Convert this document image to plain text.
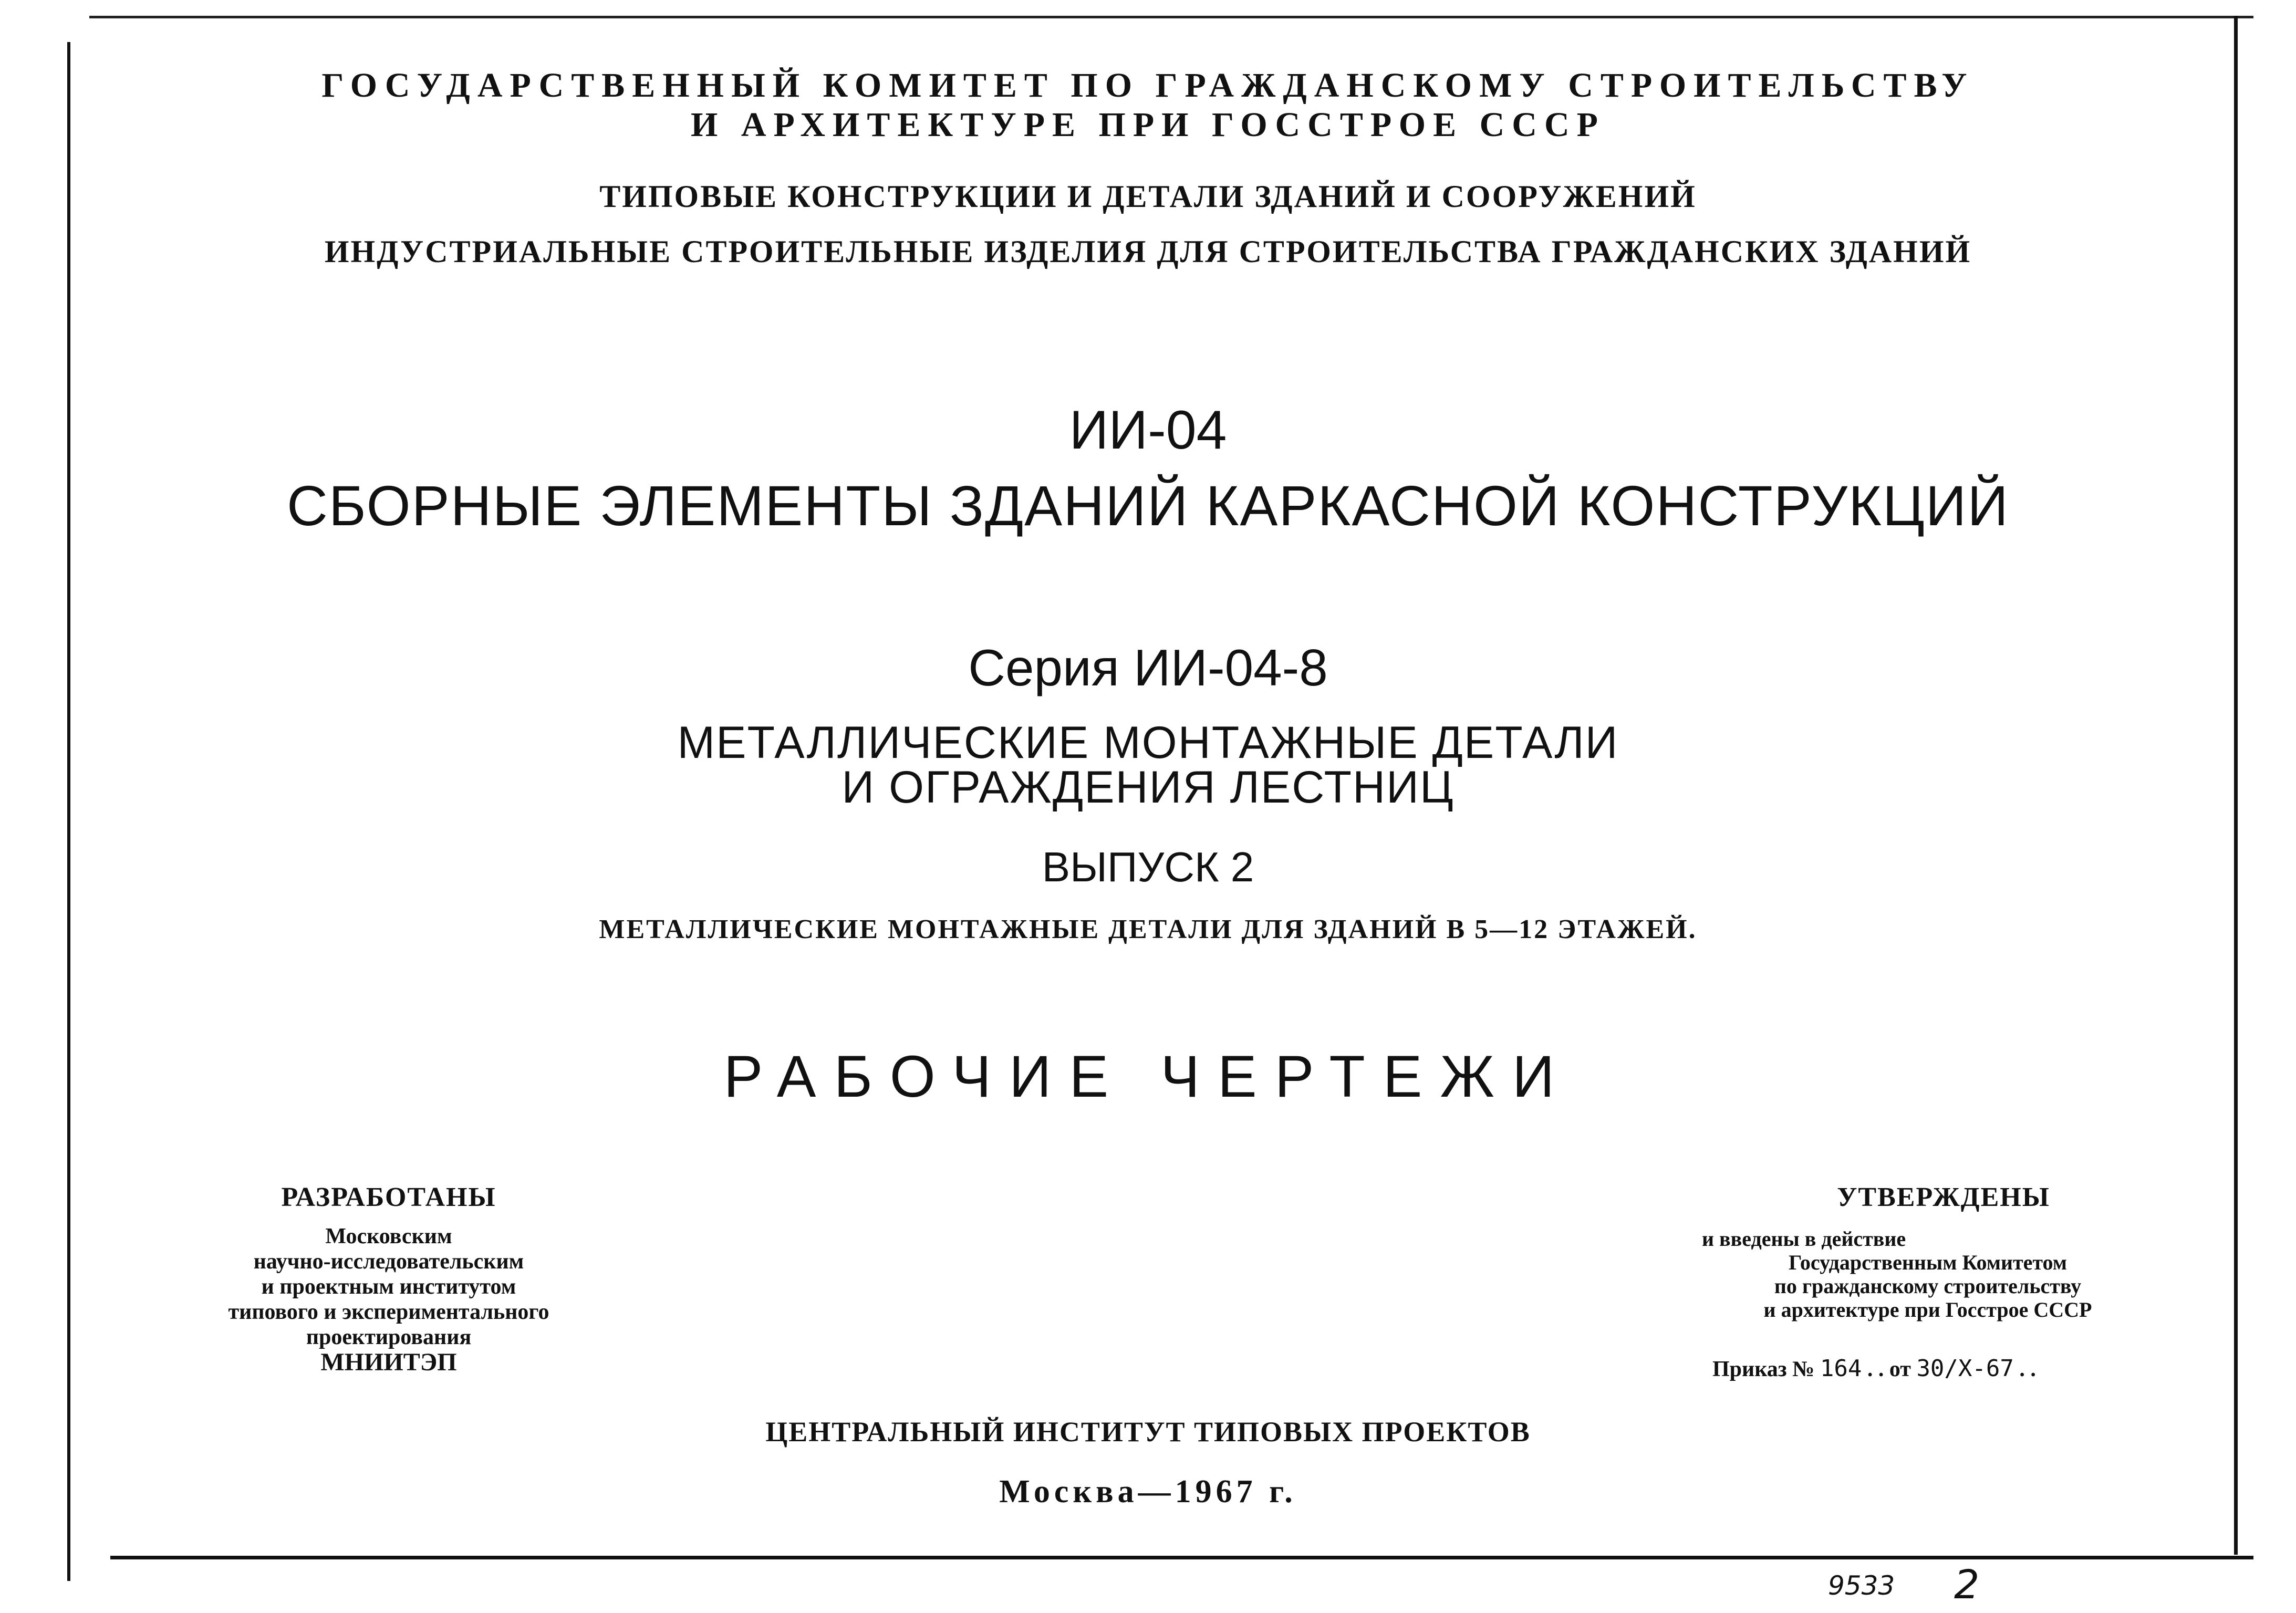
ГОСУДАРСТВЕННЫЙ КОМИТЕТ ПО ГРАЖДАНСКОМУ СТРОИТЕЛЬСТВУ
И АРХИТЕКТУРЕ ПРИ ГОССТРОЕ СССР
ТИПОВЫЕ КОНСТРУКЦИИ И ДЕТАЛИ ЗДАНИЙ И СООРУЖЕНИЙ
ИНДУСТРИАЛЬНЫЕ СТРОИТЕЛЬНЫЕ ИЗДЕЛИЯ ДЛЯ СТРОИТЕЛЬСТВА ГРАЖДАНСКИХ ЗДАНИЙ
ИИ-04
СБОРНЫЕ ЭЛЕМЕНТЫ ЗДАНИЙ КАРКАСНОЙ КОНСТРУКЦИЙ
Серия ИИ-04-8
МЕТАЛЛИЧЕСКИЕ МОНТАЖНЫЕ ДЕТАЛИ
И ОГРАЖДЕНИЯ ЛЕСТНИЦ
ВЫПУСК 2
МЕТАЛЛИЧЕСКИЕ МОНТАЖНЫЕ ДЕТАЛИ ДЛЯ ЗДАНИЙ В 5—12 ЭТАЖЕЙ.
РАБОЧИЕ ЧЕРТЕЖИ
РАЗРАБОТАНЫ
Московским
научно-исследовательским
и проектным институтом
типового и экспериментального
проектирования
МНИИТЭП
УТВЕРЖДЕНЫ
и введены в действие
Государственным Комитетом
по гражданскому строительству
и архитектуре при Госстрое СССР
Приказ № 164 . . от 30/X-67 . .
ЦЕНТРАЛЬНЫЙ ИНСТИТУТ ТИПОВЫХ ПРОЕКТОВ
Москва—1967 г.
9533 2
